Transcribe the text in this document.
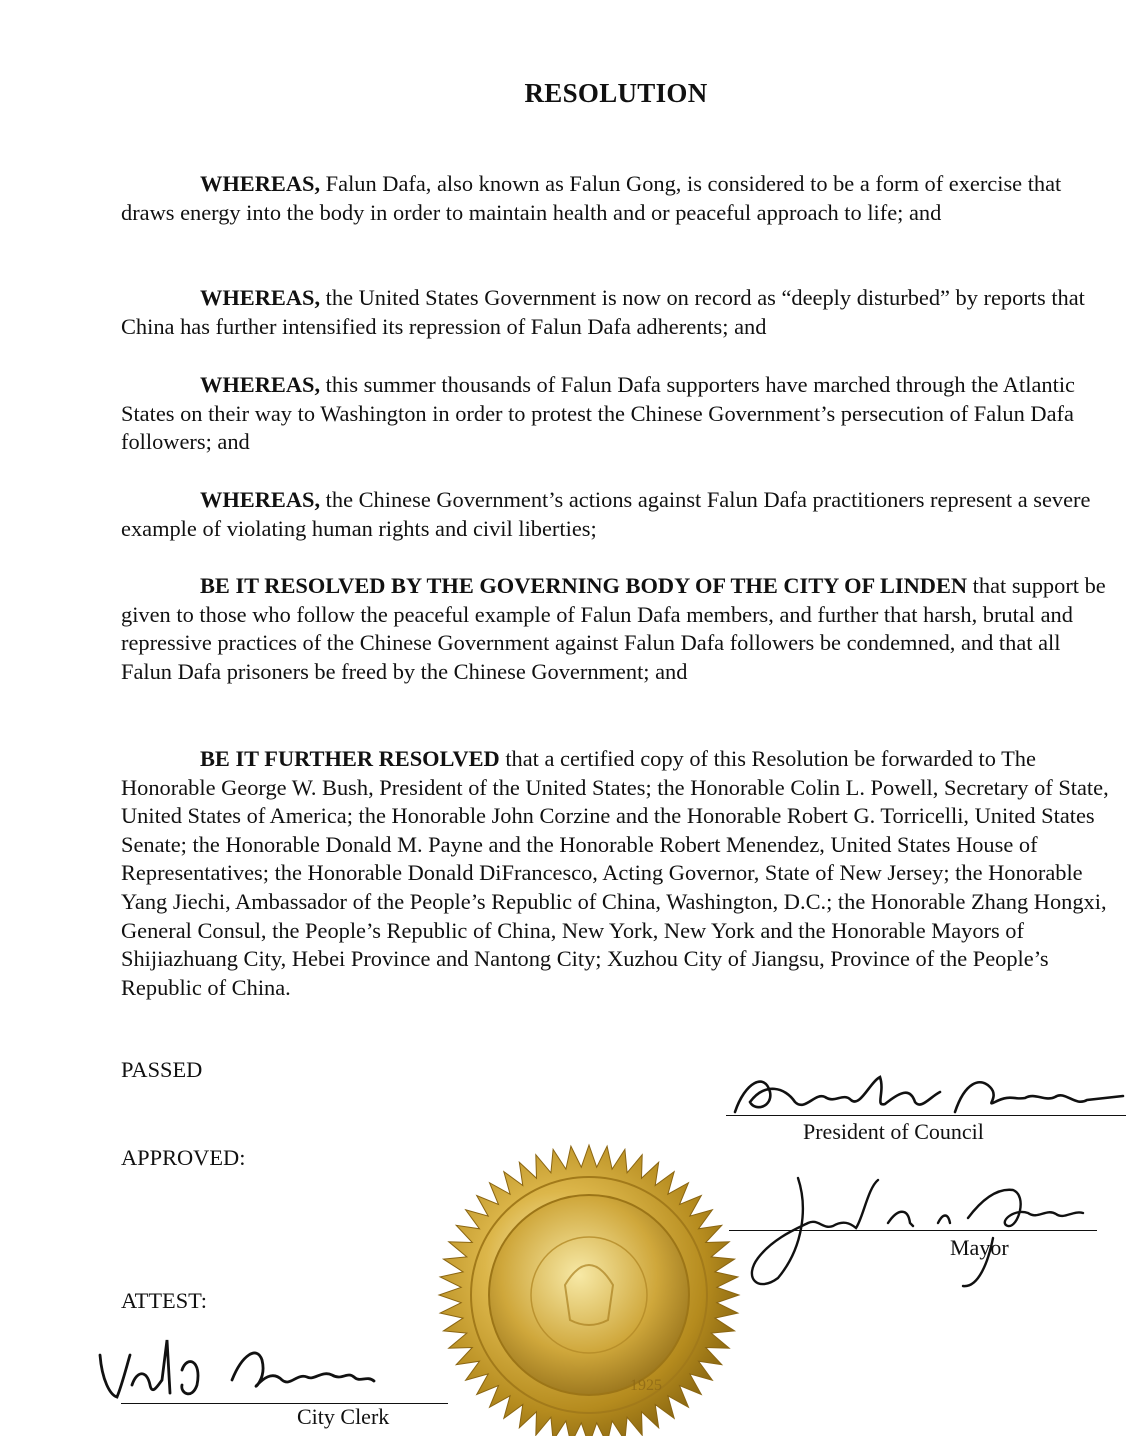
RESOLUTION

WHEREAS, Falun Dafa, also known as Falun Gong, is considered to be a form of exercise that draws energy into the body in order to maintain health and or peaceful approach to life; and

WHEREAS, the United States Government is now on record as “deeply disturbed” by reports that China has further intensified its repression of Falun Dafa adherents; and

WHEREAS, this summer thousands of Falun Dafa supporters have marched through the Atlantic States on their way to Washington in order to protest the Chinese Government’s persecution of Falun Dafa followers; and

WHEREAS, the Chinese Government’s actions against Falun Dafa practitioners represent a severe example of violating human rights and civil liberties;

BE IT RESOLVED BY THE GOVERNING BODY OF THE CITY OF LINDEN that support be given to those who follow the peaceful example of Falun Dafa members, and further that harsh, brutal and repressive practices of the Chinese Government against Falun Dafa followers be condemned, and that all Falun Dafa prisoners be freed by the Chinese Government; and

BE IT FURTHER RESOLVED that a certified copy of this Resolution be forwarded to The Honorable George W. Bush, President of the United States; the Honorable Colin L. Powell, Secretary of State, United States of America; the Honorable John Corzine and the Honorable Robert G. Torricelli, United States Senate; the Honorable Donald M. Payne and the Honorable Robert Menendez, United States House of Representatives; the Honorable Donald DiFrancesco, Acting Governor, State of New Jersey; the Honorable Yang Jiechi, Ambassador of the People’s Republic of China, Washington, D.C.; the Honorable Zhang Hongxi, General Consul, the People’s Republic of China, New York, New York and the Honorable Mayors of Shijiazhuang City, Hebei Province and Nantong City; Xuzhou City of Jiangsu, Province of the People’s Republic of China.

PASSED
APPROVED:
ATTEST:
1925
President of Council
Mayor
City Clerk
